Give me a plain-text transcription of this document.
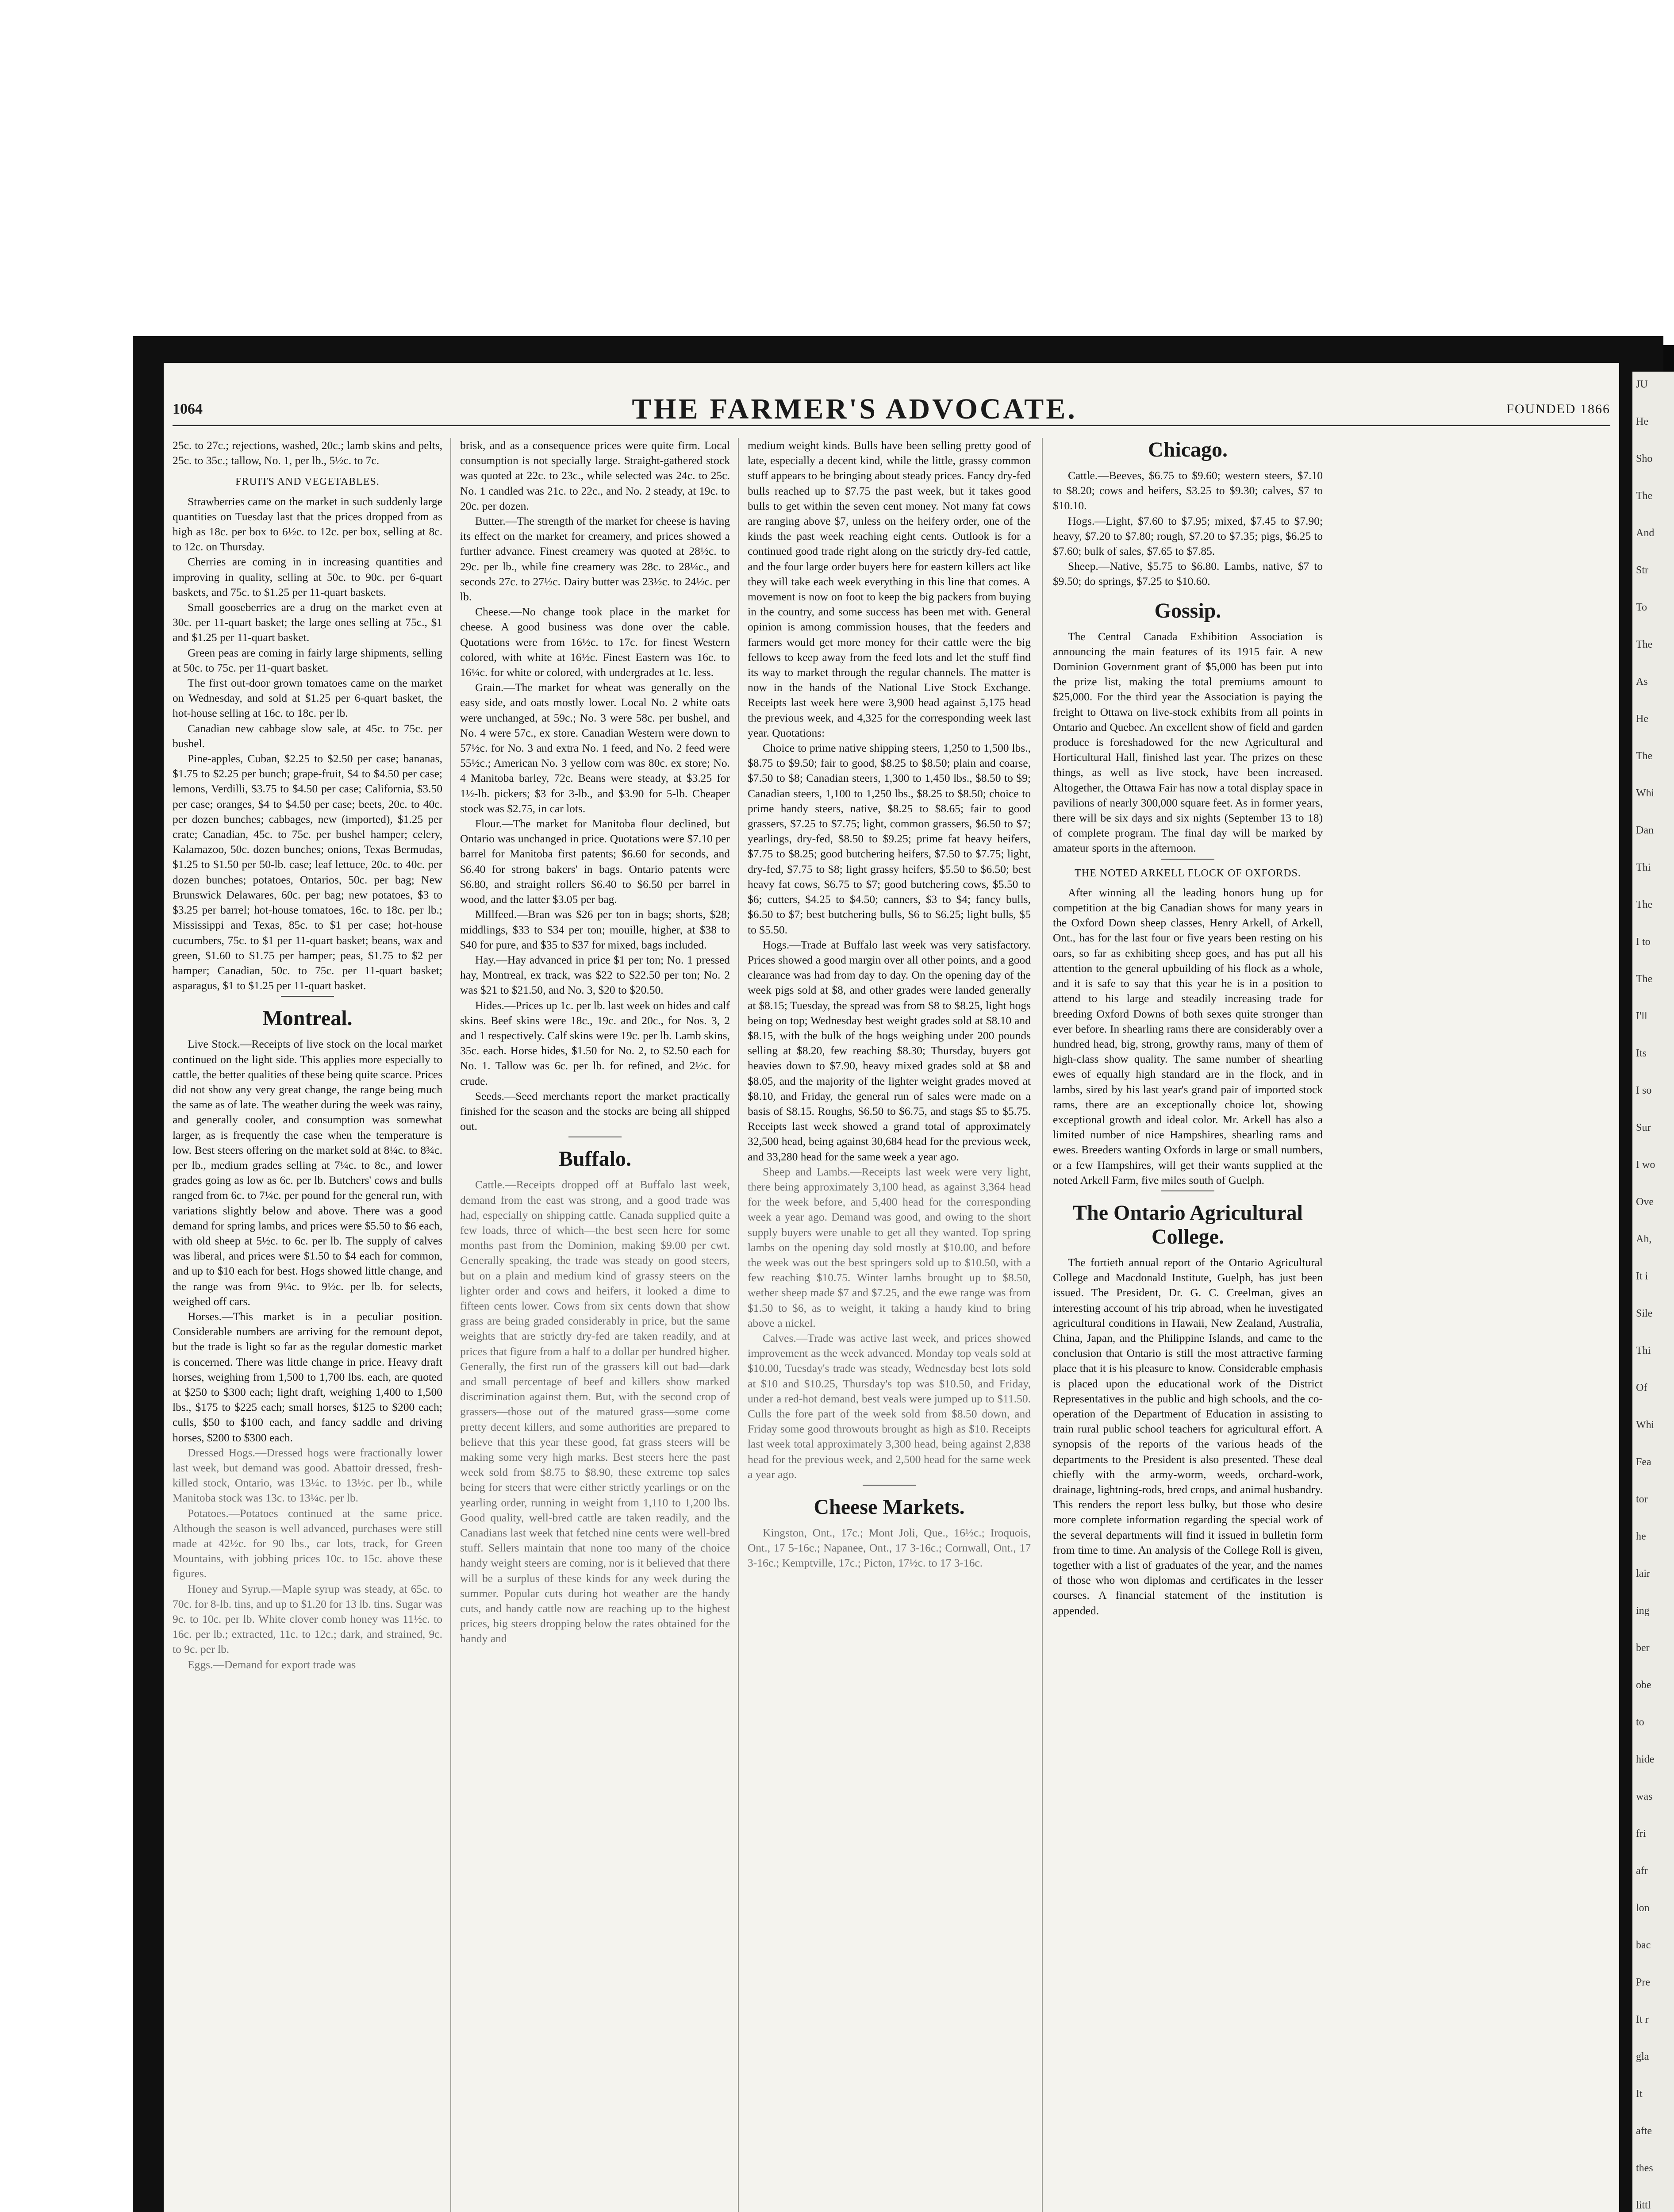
JU
He
Sho
The
And
Str
To
The
As
He
The
Whi
Dan
Thi
The
I to
The
I'll
Its
I so
Sur
I wo
Ove
Ah,
It i
Sile
Thi
Of
Whi
Fea
tor
he
lair
ing
ber
obe
to
hide
was
fri
afr
lon
bac
Pre
It r
gla
It
afte
thes
littl
1064	THE FARMER'S ADVOCATE.	FOUNDED 1866

25c. to 27c.; rejections, washed, 20c.; lamb skins and pelts, 25c. to 35c.; tallow, No. 1, per lb., 5½c. to 7c.

FRUITS AND VEGETABLES.

Strawberries came on the market in such suddenly large quantities on Tuesday last that the prices dropped from as high as 18c. per box to 6½c. to 12c. per box, selling at 8c. to 12c. on Thursday.

Cherries are coming in in increasing quantities and improving in quality, selling at 50c. to 90c. per 6-quart baskets, and 75c. to $1.25 per 11-quart baskets.

Small gooseberries are a drug on the market even at 30c. per 11-quart basket; the large ones selling at 75c., $1 and $1.25 per 11-quart basket.

Green peas are coming in fairly large shipments, selling at 50c. to 75c. per 11-quart basket.

The first out-door grown tomatoes came on the market on Wednesday, and sold at $1.25 per 6-quart basket, the hot-house selling at 16c. to 18c. per lb.

Canadian new cabbage slow sale, at 45c. to 75c. per bushel.

Pine-apples, Cuban, $2.25 to $2.50 per case; bananas, $1.75 to $2.25 per bunch; grape-fruit, $4 to $4.50 per case; lemons, Verdilli, $3.75 to $4.50 per case; California, $3.50 per case; oranges, $4 to $4.50 per case; beets, 20c. to 40c. per dozen bunches; cabbages, new (imported), $1.25 per crate; Canadian, 45c. to 75c. per bushel hamper; celery, Kalamazoo, 50c. dozen bunches; onions, Texas Bermudas, $1.25 to $1.50 per 50-lb. case; leaf lettuce, 20c. to 40c. per dozen bunches; potatoes, Ontarios, 50c. per bag; New Brunswick Delawares, 60c. per bag; new potatoes, $3 to $3.25 per barrel; hot-house tomatoes, 16c. to 18c. per lb.; Mississippi and Texas, 85c. to $1 per case; hot-house cucumbers, 75c. to $1 per 11-quart basket; beans, wax and green, $1.60 to $1.75 per hamper; peas, $1.75 to $2 per hamper; Canadian, 50c. to 75c. per 11-quart basket; asparagus, $1 to $1.25 per 11-quart basket.

Montreal.

Live Stock.—Receipts of live stock on the local market continued on the light side. This applies more especially to cattle, the better qualities of these being quite scarce. Prices did not show any very great change, the range being much the same as of late. The weather during the week was rainy, and generally cooler, and consumption was somewhat larger, as is frequently the case when the temperature is low. Best steers offering on the market sold at 8¼c. to 8¾c. per lb., medium grades selling at 7¼c. to 8c., and lower grades going as low as 6c. per lb. Butchers' cows and bulls ranged from 6c. to 7¼c. per pound for the general run, with variations slightly below and above. There was a good demand for spring lambs, and prices were $5.50 to $6 each, with old sheep at 5½c. to 6c. per lb. The supply of calves was liberal, and prices were $1.50 to $4 each for common, and up to $10 each for best. Hogs showed little change, and the range was from 9¼c. to 9½c. per lb. for selects, weighed off cars.

Horses.—This market is in a peculiar position. Considerable numbers are arriving for the remount depot, but the trade is light so far as the regular domestic market is concerned. There was little change in price. Heavy draft horses, weighing from 1,500 to 1,700 lbs. each, are quoted at $250 to $300 each; light draft, weighing 1,400 to 1,500 lbs., $175 to $225 each; small horses, $125 to $200 each; culls, $50 to $100 each, and fancy saddle and driving horses, $200 to $300 each.

Dressed Hogs.—Dressed hogs were fractionally lower last week, but demand was good. Abattoir dressed, fresh-killed stock, Ontario, was 13¼c. to 13½c. per lb., while Manitoba stock was 13c. to 13¼c. per lb.

Potatoes.—Potatoes continued at the same price. Although the season is well advanced, purchases were still made at 42½c. for 90 lbs., car lots, track, for Green Mountains, with jobbing prices 10c. to 15c. above these figures.

Honey and Syrup.—Maple syrup was steady, at 65c. to 70c. for 8-lb. tins, and up to $1.20 for 13 lb. tins. Sugar was 9c. to 10c. per lb. White clover comb honey was 11½c. to 16c. per lb.; extracted, 11c. to 12c.; dark, and strained, 9c. to 9c. per lb.

Eggs.—Demand for export trade was

brisk, and as a consequence prices were quite firm. Local consumption is not specially large. Straight-gathered stock was quoted at 22c. to 23c., while selected was 24c. to 25c. No. 1 candled was 21c. to 22c., and No. 2 steady, at 19c. to 20c. per dozen.

Butter.—The strength of the market for cheese is having its effect on the market for creamery, and prices showed a further advance. Finest creamery was quoted at 28½c. to 29c. per lb., while fine creamery was 28c. to 28¼c., and seconds 27c. to 27½c. Dairy butter was 23½c. to 24½c. per lb.

Cheese.—No change took place in the market for cheese. A good business was done over the cable. Quotations were from 16½c. to 17c. for finest Western colored, with white at 16½c. Finest Eastern was 16c. to 16¼c. for white or colored, with undergrades at 1c. less.

Grain.—The market for wheat was generally on the easy side, and oats mostly lower. Local No. 2 white oats were unchanged, at 59c.; No. 3 were 58c. per bushel, and No. 4 were 57c., ex store. Canadian Western were down to 57½c. for No. 3 and extra No. 1 feed, and No. 2 feed were 55½c.; American No. 3 yellow corn was 80c. ex store; No. 4 Manitoba barley, 72c. Beans were steady, at $3.25 for 1½-lb. pickers; $3 for 3-lb., and $3.90 for 5-lb. Cheaper stock was $2.75, in car lots.

Flour.—The market for Manitoba flour declined, but Ontario was unchanged in price. Quotations were $7.10 per barrel for Manitoba first patents; $6.60 for seconds, and $6.40 for strong bakers' in bags. Ontario patents were $6.80, and straight rollers $6.40 to $6.50 per barrel in wood, and the latter $3.05 per bag.

Millfeed.—Bran was $26 per ton in bags; shorts, $28; middlings, $33 to $34 per ton; mouille, higher, at $38 to $40 for pure, and $35 to $37 for mixed, bags included.

Hay.—Hay advanced in price $1 per ton; No. 1 pressed hay, Montreal, ex track, was $22 to $22.50 per ton; No. 2 was $21 to $21.50, and No. 3, $20 to $20.50.

Hides.—Prices up 1c. per lb. last week on hides and calf skins. Beef skins were 18c., 19c. and 20c., for Nos. 3, 2 and 1 respectively. Calf skins were 19c. per lb. Lamb skins, 35c. each. Horse hides, $1.50 for No. 2, to $2.50 each for No. 1. Tallow was 6c. per lb. for refined, and 2½c. for crude.

Seeds.—Seed merchants report the market practically finished for the season and the stocks are being all shipped out.

Buffalo.

Cattle.—Receipts dropped off at Buffalo last week, demand from the east was strong, and a good trade was had, especially on shipping cattle. Canada supplied quite a few loads, three of which—the best seen here for some months past from the Dominion, making $9.00 per cwt. Generally speaking, the trade was steady on good steers, but on a plain and medium kind of grassy steers on the lighter order and cows and heifers, it looked a dime to fifteen cents lower. Cows from six cents down that show grass are being graded considerably in price, but the same weights that are strictly dry-fed are taken readily, and at prices that figure from a half to a dollar per hundred higher. Generally, the first run of the grassers kill out bad—dark and small percentage of beef and killers show marked discrimination against them. But, with the second crop of grassers—those out of the matured grass—some come pretty decent killers, and some authorities are prepared to believe that this year these good, fat grass steers will be making some very high marks. Best steers here the past week sold from $8.75 to $8.90, these extreme top sales being for steers that were either strictly yearlings or on the yearling order, running in weight from 1,110 to 1,200 lbs. Good quality, well-bred cattle are taken readily, and the Canadians last week that fetched nine cents were well-bred stuff. Sellers maintain that none too many of the choice handy weight steers are coming, nor is it believed that there will be a surplus of these kinds for any week during the summer. Popular cuts during hot weather are the handy cuts, and handy cattle now are reaching up to the highest prices, big steers dropping below the rates obtained for the handy and

medium weight kinds. Bulls have been selling pretty good of late, especially a decent kind, while the little, grassy common stuff appears to be bringing about steady prices. Fancy dry-fed bulls reached up to $7.75 the past week, but it takes good bulls to get within the seven cent money. Not many fat cows are ranging above $7, unless on the heifery order, one of the kinds the past week reaching eight cents. Outlook is for a continued good trade right along on the strictly dry-fed cattle, and the four large order buyers here for eastern killers act like they will take each week everything in this line that comes. A movement is now on foot to keep the big packers from buying in the country, and some success has been met with. General opinion is among commission houses, that the feeders and farmers would get more money for their cattle were the big fellows to keep away from the feed lots and let the stuff find its way to market through the regular channels. The matter is now in the hands of the National Live Stock Exchange. Receipts last week here were 3,900 head against 5,175 head the previous week, and 4,325 for the corresponding week last year. Quotations:

Choice to prime native shipping steers, 1,250 to 1,500 lbs., $8.75 to $9.50; fair to good, $8.25 to $8.50; plain and coarse, $7.50 to $8; Canadian steers, 1,300 to 1,450 lbs., $8.50 to $9; Canadian steers, 1,100 to 1,250 lbs., $8.25 to $8.50; choice to prime handy steers, native, $8.25 to $8.65; fair to good grassers, $7.25 to $7.75; light, common grassers, $6.50 to $7; yearlings, dry-fed, $8.50 to $9.25; prime fat heavy heifers, $7.75 to $8.25; good butchering heifers, $7.50 to $7.75; light, dry-fed, $7.75 to $8; light grassy heifers, $5.50 to $6.50; best heavy fat cows, $6.75 to $7; good butchering cows, $5.50 to $6; cutters, $4.25 to $4.50; canners, $3 to $4; fancy bulls, $6.50 to $7; best butchering bulls, $6 to $6.25; light bulls, $5 to $5.50.

Hogs.—Trade at Buffalo last week was very satisfactory. Prices showed a good margin over all other points, and a good clearance was had from day to day. On the opening day of the week pigs sold at $8, and other grades were landed generally at $8.15; Tuesday, the spread was from $8 to $8.25, light hogs being on top; Wednesday best weight grades sold at $8.10 and $8.15, with the bulk of the hogs weighing under 200 pounds selling at $8.20, few reaching $8.30; Thursday, buyers got heavies down to $7.90, heavy mixed grades sold at $8 and $8.05, and the majority of the lighter weight grades moved at $8.10, and Friday, the general run of sales were made on a basis of $8.15. Roughs, $6.50 to $6.75, and stags $5 to $5.75. Receipts last week showed a grand total of approximately 32,500 head, being against 30,684 head for the previous week, and 33,280 head for the same week a year ago.

Sheep and Lambs.—Receipts last week were very light, there being approximately 3,100 head, as against 3,364 head for the week before, and 5,400 head for the corresponding week a year ago. Demand was good, and owing to the short supply buyers were unable to get all they wanted. Top spring lambs on the opening day sold mostly at $10.00, and before the week was out the best springers sold up to $10.50, with a few reaching $10.75. Winter lambs brought up to $8.50, wether sheep made $7 and $7.25, and the ewe range was from $1.50 to $6, as to weight, it taking a handy kind to bring above a nickel.

Calves.—Trade was active last week, and prices showed improvement as the week advanced. Monday top veals sold at $10.00, Tuesday's trade was steady, Wednesday best lots sold at $10 and $10.25, Thursday's top was $10.50, and Friday, under a red-hot demand, best veals were jumped up to $11.50. Culls the fore part of the week sold from $8.50 down, and Friday some good throwouts brought as high as $10. Receipts last week total approximately 3,300 head, being against 2,838 head for the previous week, and 2,500 head for the same week a year ago.

Cheese Markets.

Kingston, Ont., 17c.; Mont Joli, Que., 16½c.; Iroquois, Ont., 17 5-16c.; Napanee, Ont., 17 3-16c.; Cornwall, Ont., 17 3-16c.; Kemptville, 17c.; Picton, 17½c. to 17 3-16c.

Chicago.

Cattle.—Beeves, $6.75 to $9.60; western steers, $7.10 to $8.20; cows and heifers, $3.25 to $9.30; calves, $7 to $10.10.

Hogs.—Light, $7.60 to $7.95; mixed, $7.45 to $7.90; heavy, $7.20 to $7.80; rough, $7.20 to $7.35; pigs, $6.25 to $7.60; bulk of sales, $7.65 to $7.85.

Sheep.—Native, $5.75 to $6.80. Lambs, native, $7 to $9.50; do springs, $7.25 to $10.60.

Gossip.

The Central Canada Exhibition Association is announcing the main features of its 1915 fair. A new Dominion Government grant of $5,000 has been put into the prize list, making the total premiums amount to $25,000. For the third year the Association is paying the freight to Ottawa on live-stock exhibits from all points in Ontario and Quebec. An excellent show of field and garden produce is foreshadowed for the new Agricultural and Horticultural Hall, finished last year. The prizes on these things, as well as live stock, have been increased. Altogether, the Ottawa Fair has now a total display space in pavilions of nearly 300,000 square feet. As in former years, there will be six days and six nights (September 13 to 18) of complete program. The final day will be marked by amateur sports in the afternoon.

THE NOTED ARKELL FLOCK OF OXFORDS.

After winning all the leading honors hung up for competition at the big Canadian shows for many years in the Oxford Down sheep classes, Henry Arkell, of Arkell, Ont., has for the last four or five years been resting on his oars, so far as exhibiting sheep goes, and has put all his attention to the general upbuilding of his flock as a whole, and it is safe to say that this year he is in a position to attend to his large and steadily increasing trade for breeding Oxford Downs of both sexes quite stronger than ever before. In shearling rams there are considerably over a hundred head, big, strong, growthy rams, many of them of high-class show quality. The same number of shearling ewes of equally high standard are in the flock, and in lambs, sired by his last year's grand pair of imported stock rams, there are an exceptionally choice lot, showing exceptional growth and ideal color. Mr. Arkell has also a limited number of nice Hampshires, shearling rams and ewes. Breeders wanting Oxfords in large or small numbers, or a few Hampshires, will get their wants supplied at the noted Arkell Farm, five miles south of Guelph.

The Ontario Agricultural College.

The fortieth annual report of the Ontario Agricultural College and Macdonald Institute, Guelph, has just been issued. The President, Dr. G. C. Creelman, gives an interesting account of his trip abroad, when he investigated agricultural conditions in Hawaii, New Zealand, Australia, China, Japan, and the Philippine Islands, and came to the conclusion that Ontario is still the most attractive farming place that it is his pleasure to know. Considerable emphasis is placed upon the educational work of the District Representatives in the public and high schools, and the co-operation of the Department of Education in assisting to train rural public school teachers for agricultural effort. A synopsis of the reports of the various heads of the departments to the President is also presented. These deal chiefly with the army-worm, weeds, orchard-work, drainage, lightning-rods, bred crops, and animal husbandry. This renders the report less bulky, but those who desire more complete information regarding the special work of the several departments will find it issued in bulletin form from time to time. An analysis of the College Roll is given, together with a list of graduates of the year, and the names of those who won diplomas and certificates in the lesser courses. A financial statement of the institution is appended.
